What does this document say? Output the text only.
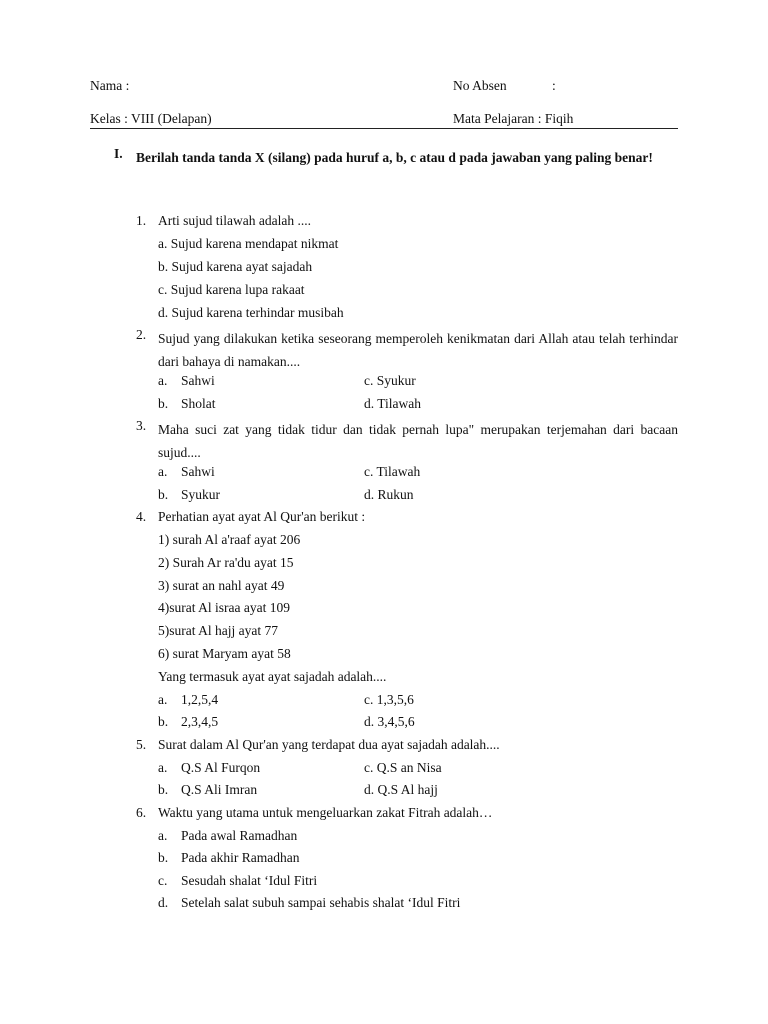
Nama :	No Absen	:
Kelas : VIII (Delapan)	Mata Pelajaran : Fiqih
I. Berilah tanda tanda X (silang) pada huruf a, b, c atau d pada jawaban yang paling benar!
1. Arti sujud tilawah adalah ....
a. Sujud karena mendapat nikmat
b. Sujud karena ayat sajadah
c. Sujud karena lupa rakaat
d. Sujud karena terhindar musibah
2. Sujud yang dilakukan ketika seseorang memperoleh kenikmatan dari Allah atau telah terhindar dari bahaya di namakan....
a. Sahwi	c. Syukur
b. Sholat	d. Tilawah
3. Maha suci zat yang tidak tidur dan tidak pernah lupa" merupakan terjemahan dari bacaan sujud....
a. Sahwi	c. Tilawah
b. Syukur	d. Rukun
4. Perhatian ayat ayat Al Qur'an berikut :
1) surah Al a'raaf ayat 206
2) Surah Ar ra'du ayat 15
3) surat an nahl ayat 49
4)surat Al israa ayat 109
5)surat Al hajj ayat 77
6) surat Maryam ayat 58
Yang termasuk ayat ayat sajadah adalah....
a. 1,2,5,4	c. 1,3,5,6
b. 2,3,4,5	d. 3,4,5,6
5. Surat dalam Al Qur'an yang terdapat dua ayat sajadah adalah....
a. Q.S Al Furqon	c. Q.S an Nisa
b. Q.S Ali Imran	d. Q.S Al hajj
6. Waktu yang utama untuk mengeluarkan zakat Fitrah adalah…
a. Pada awal Ramadhan
b. Pada akhir Ramadhan
c. Sesudah shalat ‘Idul Fitri
d. Setelah salat subuh sampai sehabis shalat ‘Idul Fitri
